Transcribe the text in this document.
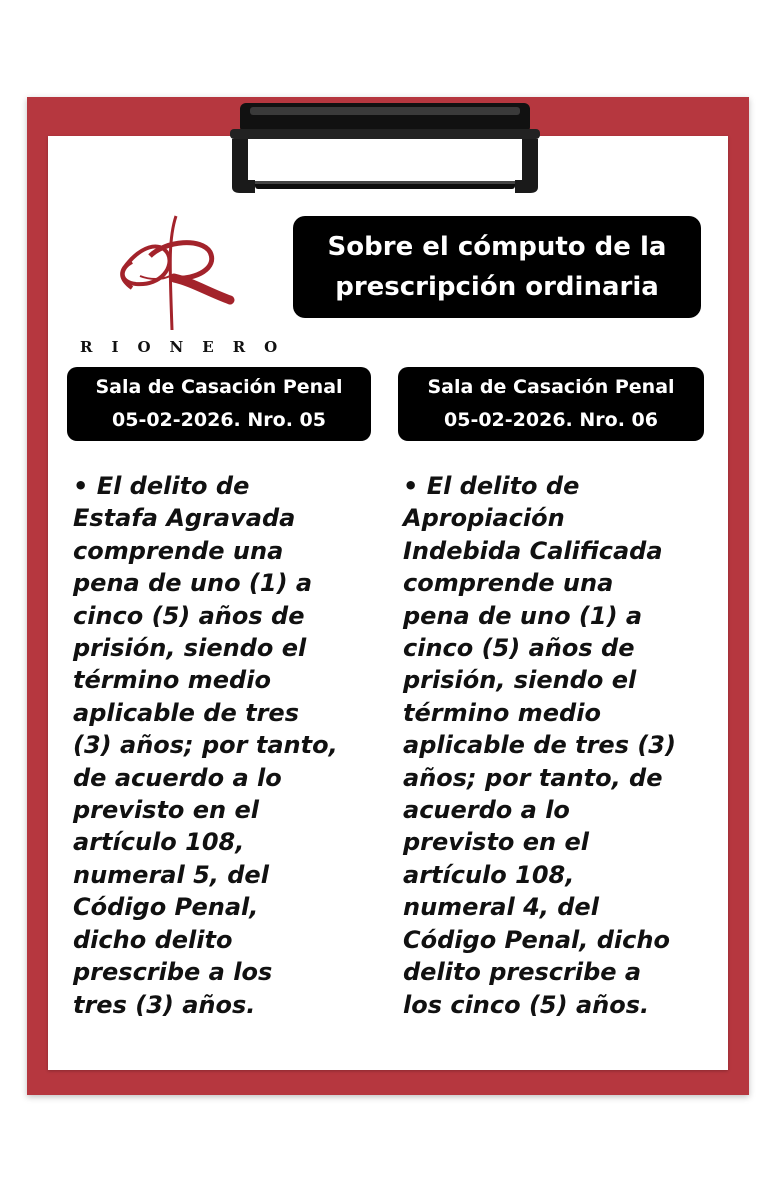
RIONERO
Sobre el cómputo de la
prescripción ordinaria
Sala de Casación Penal
05-02-2026. Nro. 05
Sala de Casación Penal
05-02-2026. Nro. 06
• El delito de
Estafa Agravada
comprende una
pena de uno (1) a
cinco (5) años de
prisión, siendo el
término medio
aplicable de tres
(3) años; por tanto,
de acuerdo a lo
previsto en el
artículo 108,
numeral 5, del
Código Penal,
dicho delito
prescribe a los
tres (3) años.
• El delito de
Apropiación
Indebida Calificada
comprende una
pena de uno (1) a
cinco (5) años de
prisión, siendo el
término medio
aplicable de tres (3)
años; por tanto, de
acuerdo a lo
previsto en el
artículo 108,
numeral 4, del
Código Penal, dicho
delito prescribe a
los cinco (5) años.
